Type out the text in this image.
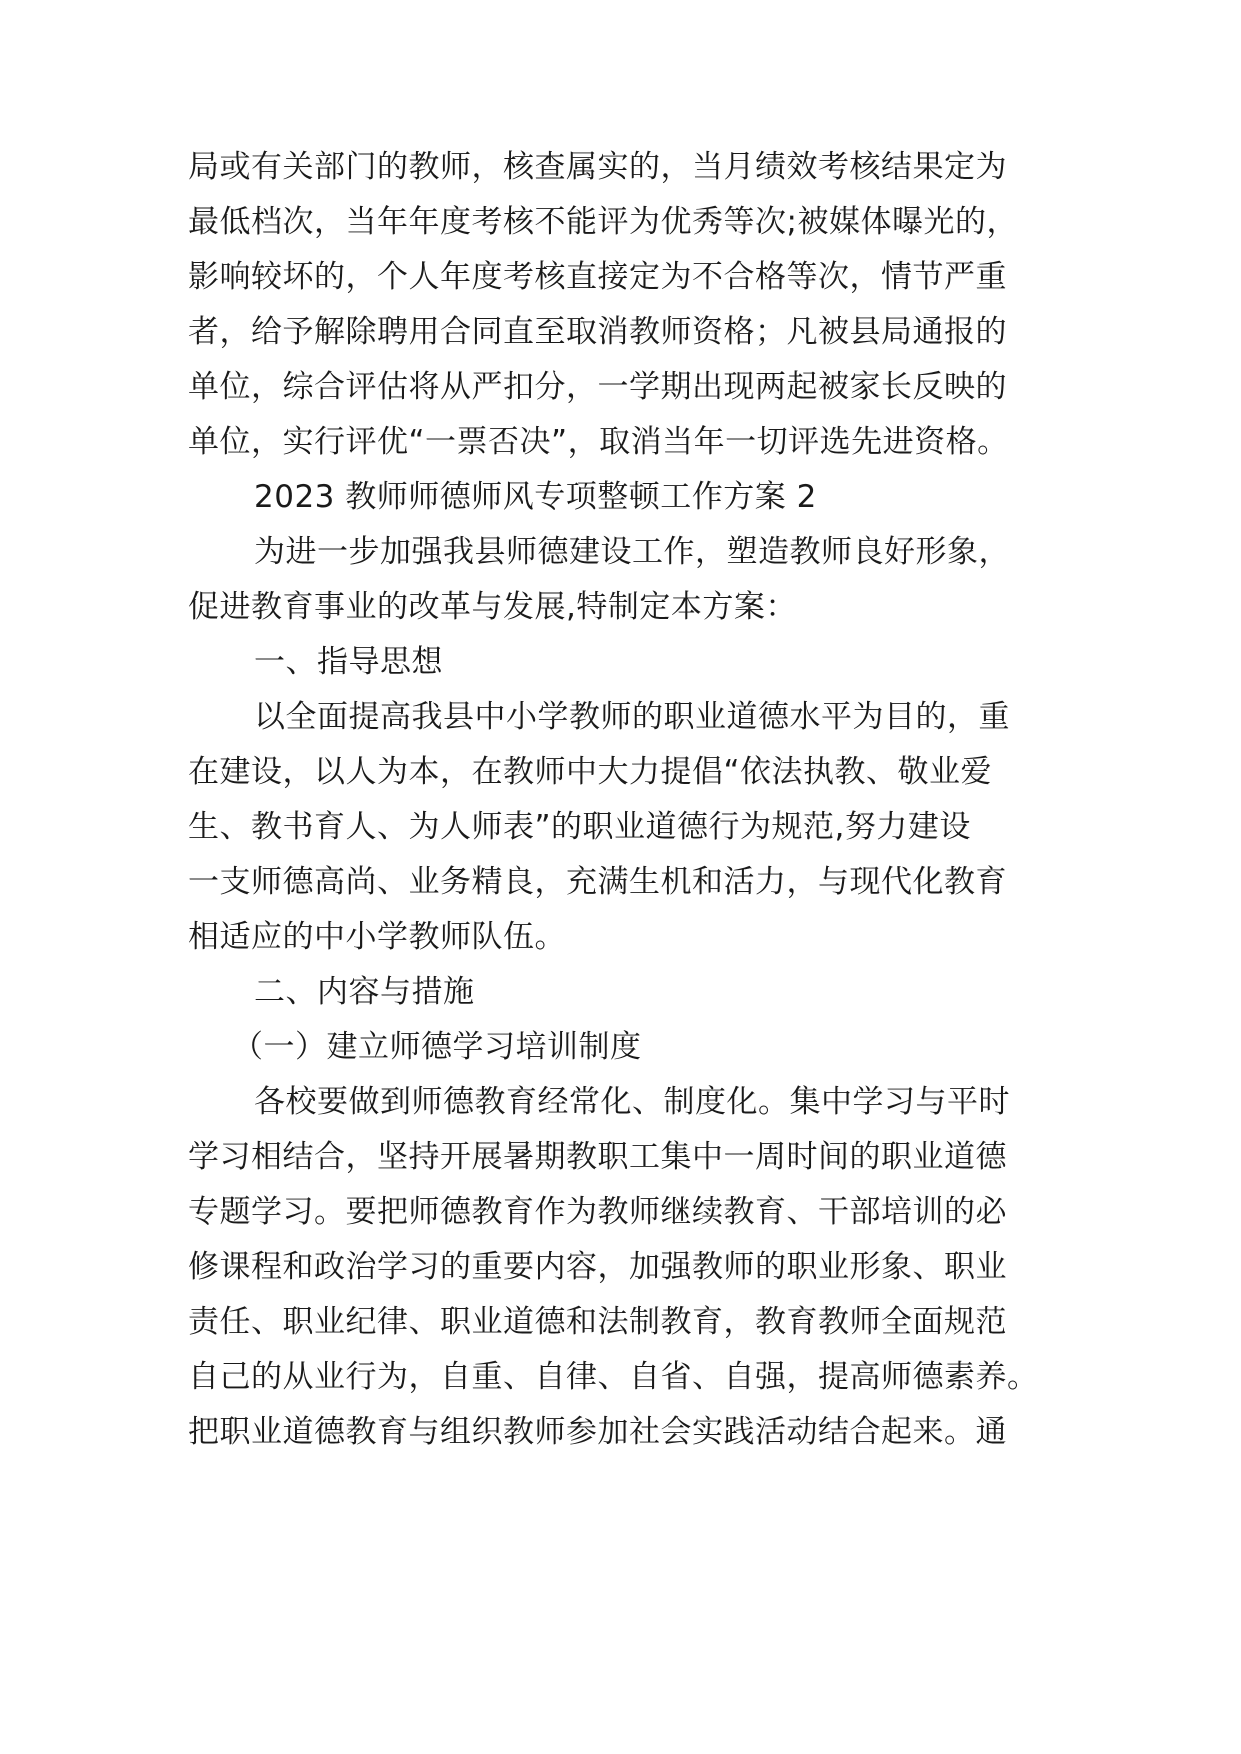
局或有关部门的教师，核查属实的，当月绩效考核结果定为
最低档次，当年年度考核不能评为优秀等次;被媒体曝光的，
影响较坏的，个人年度考核直接定为不合格等次，情节严重
者，给予解除聘用合同直至取消教师资格；凡被县局通报的
单位，综合评估将从严扣分，一学期出现两起被家长反映的
单位，实行评优“一票否决”，取消当年一切评选先进资格。
2023 教师师德师风专项整顿工作方案 2
为进一步加强我县师德建设工作，塑造教师良好形象，
促进教育事业的改革与发展,特制定本方案：
一、指导思想
以全面提高我县中小学教师的职业道德水平为目的，重
在建设，以人为本，在教师中大力提倡“依法执教、敬业爱
生、教书育人、为人师表”的职业道德行为规范,努力建设
一支师德高尚、业务精良，充满生机和活力，与现代化教育
相适应的中小学教师队伍。
二、内容与措施
（一）建立师德学习培训制度
各校要做到师德教育经常化、制度化。集中学习与平时
学习相结合，坚持开展暑期教职工集中一周时间的职业道德
专题学习。要把师德教育作为教师继续教育、干部培训的必
修课程和政治学习的重要内容，加强教师的职业形象、职业
责任、职业纪律、职业道德和法制教育，教育教师全面规范
自己的从业行为，自重、自律、自省、自强，提高师德素养。
把职业道德教育与组织教师参加社会实践活动结合起来。通
